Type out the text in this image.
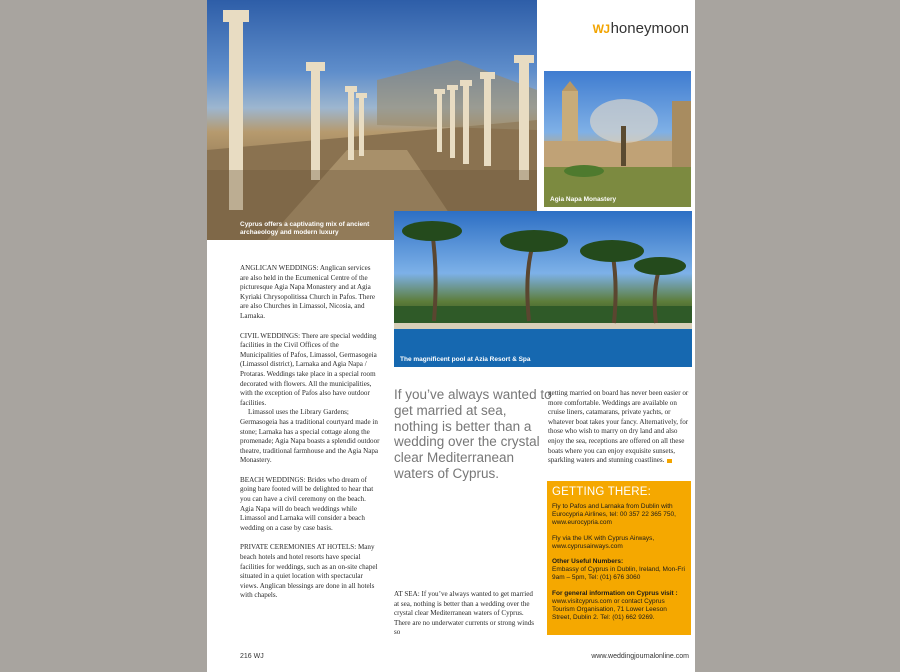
WJhoneymoon
Cyprus offers a captivating mix of ancient archaeology and modern luxury
Agia Napa Monastery
The magnificent pool at Azia Resort & Spa

ANGLICAN WEDDINGS: Anglican services are also held in the Ecumenical Centre of the picturesque Agia Napa Monastery and at Agia Kyriaki Chrysopolitissa Church in Pafos. There are also Churches in Limassol, Nicosia, and Larnaka.

CIVIL WEDDINGS: There are special wedding facilities in the Civil Offices of the Municipalities of Pafos, Limassol, Germasogeia (Limassol district), Larnaka and Agia Napa / Protaras. Weddings take place in a special room decorated with flowers. All the municipalities, with the exception of Pafos also have outdoor facilities.

Limassol uses the Library Gardens; Germasogeia has a traditional courtyard made in stone; Larnaka has a special cottage along the promenade; Agia Napa boasts a splendid outdoor theatre, traditional farmhouse and the Agia Napa Monastery.

BEACH WEDDINGS: Brides who dream of going bare footed will be delighted to hear that you can have a civil ceremony on the beach. Agia Napa will do beach weddings while Limassol and Larnaka will consider a beach wedding on a case by case basis.

PRIVATE CEREMONIES AT HOTELS: Many beach hotels and hotel resorts have special facilities for weddings, such as an on-site chapel situated in a quiet location with spectacular views. Anglican blessings are done in all hotels with chapels.

If you’ve always wanted to get married at sea, nothing is better than a wedding over the crystal clear Mediterranean waters of Cyprus.

AT SEA: If you’ve always wanted to get married at sea, nothing is better than a wedding over the crystal clear Mediterranean waters of Cyprus. There are no underwater currents or strong winds so

getting married on board has never been easier or more comfortable. Weddings are available on cruise liners, catamarans, private yachts, or whatever boat takes your fancy. Alternatively, for those who wish to marry on dry land and also enjoy the sea, receptions are offered on all these boats where you can enjoy exquisite sunsets, sparkling waters and stunning coastlines.

GETTING THERE:

Fly to Pafos and Larnaka from Dublin with Eurocypria Airlines, tel: 00 357 22 365 750, www.eurocypria.com

Fly via the UK with Cyprus Airways, www.cyprusairways.com

Other Useful Numbers:

Embassy of Cyprus in Dublin, Ireland, Mon-Fri 9am – 5pm, Tel: (01) 676 3060

For general information on Cyprus visit :

www.visitcyprus.com or contact Cyprus Tourism Organisation, 71 Lower Leeson Street, Dublin 2. Tel: (01) 662 9269.

216 WJ	www.weddingjournalonline.com
